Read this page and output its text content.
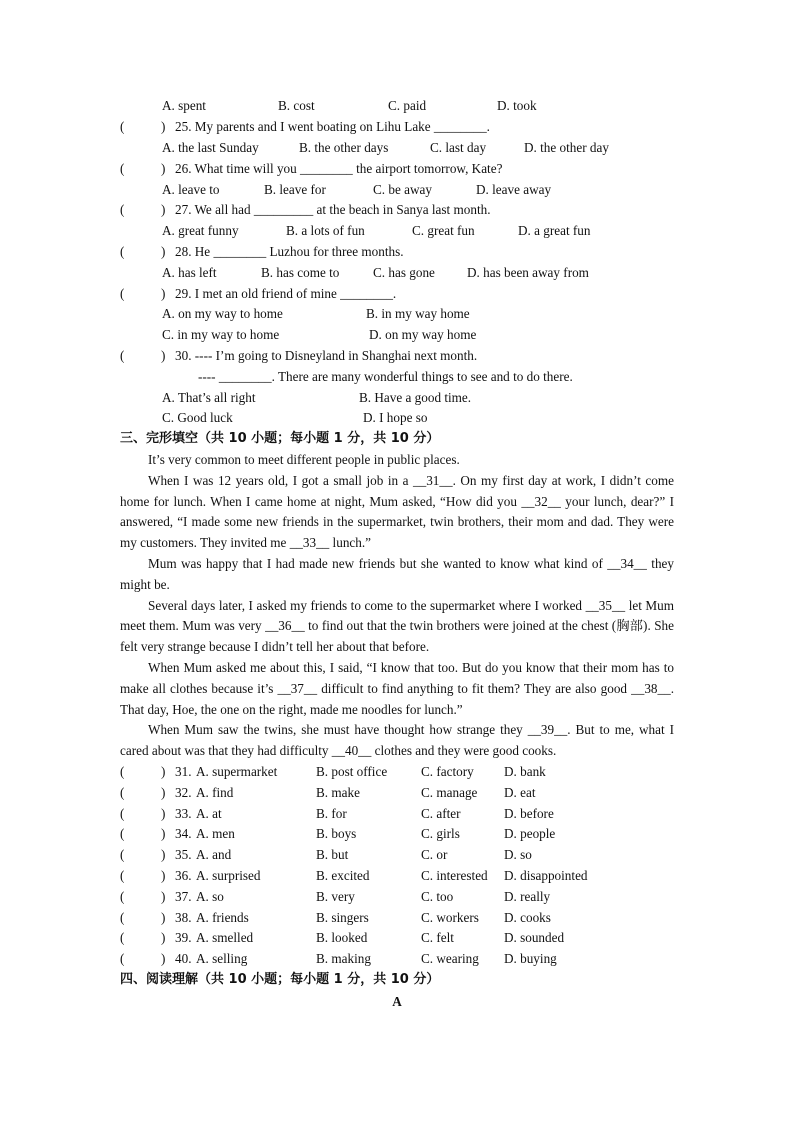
A. spent	B. cost	C. paid	D. took
(	) 25. My parents and I went boating on Lihu Lake ________.
A. the last Sunday	B. the other days	C. last day	D. the other day
(	) 26. What time will you ________ the airport tomorrow, Kate?
A. leave to	B. leave for	C. be away	D. leave away
(	) 27. We all had _________ at the beach in Sanya last month.
A. great funny	B. a lots of fun	C. great fun	D. a great fun
(	) 28. He ________ Luzhou for three months.
A. has left	B. has come to	C. has gone D. has been away from
(	) 29. I met an old friend of mine ________.
A. on my way to home	B. in my way home
C. in my way to home	D. on my way home
(	) 30. ---- I’m going to Disneyland in Shanghai next month.
---- ________. There are many wonderful things to see and to do there.
A. That’s all right	B. Have a good time.
C. Good luck	D. I hope so
三、完形填空（共 10 小题；每小题 1 分，共 10 分）

It’s very common to meet different people in public places.

When I was 12 years old, I got a small job in a __31__. On my first day at work, I didn’t come home for lunch. When I came home at night, Mum asked, “How did you __32__ your lunch, dear?” I answered, “I made some new friends in the supermarket, twin brothers, their mom and dad. They were my customers. They invited me __33__ lunch.”

Mum was happy that I had made new friends but she wanted to know what kind of __34__ they might be.

Several days later, I asked my friends to come to the supermarket where I worked __35__ let Mum meet them. Mum was very __36__ to find out that the twin brothers were joined at the chest (胸部). She felt very strange because I didn’t tell her about that before.

When Mum asked me about this, I said, “I know that too. But do you know that their mom has to make all clothes because it’s __37__ difficult to find anything to fit them? They are also good __38__. That day, Hoe, the one on the right, made me noodles for lunch.”

When Mum saw the twins, she must have thought how strange they __39__. But to me, what I cared about was that they had difficulty __40__ clothes and they were good cooks.

(	) 31. A. supermarket	B. post office	C. factory D. bank
(	) 32. A. find	B. make	C. manage D. eat
(	) 33. A. at	B. for	C. after	D. before
(	) 34. A. men	B. boys	C. girls	D. people
(	) 35. A. and	B. but	C. or	D. so
(	) 36. A. surprised	B. excited	C. interested D. disappointed
(	) 37. A. so	B. very	C. too	D. really
(	) 38. A. friends	B. singers	C. workers D. cooks
(	) 39. A. smelled	B. looked	C. felt	D. sounded
(	) 40. A. selling	B. making	C. wearing D. buying
四、阅读理解（共 10 小题；每小题 1 分，共 10 分）
A
